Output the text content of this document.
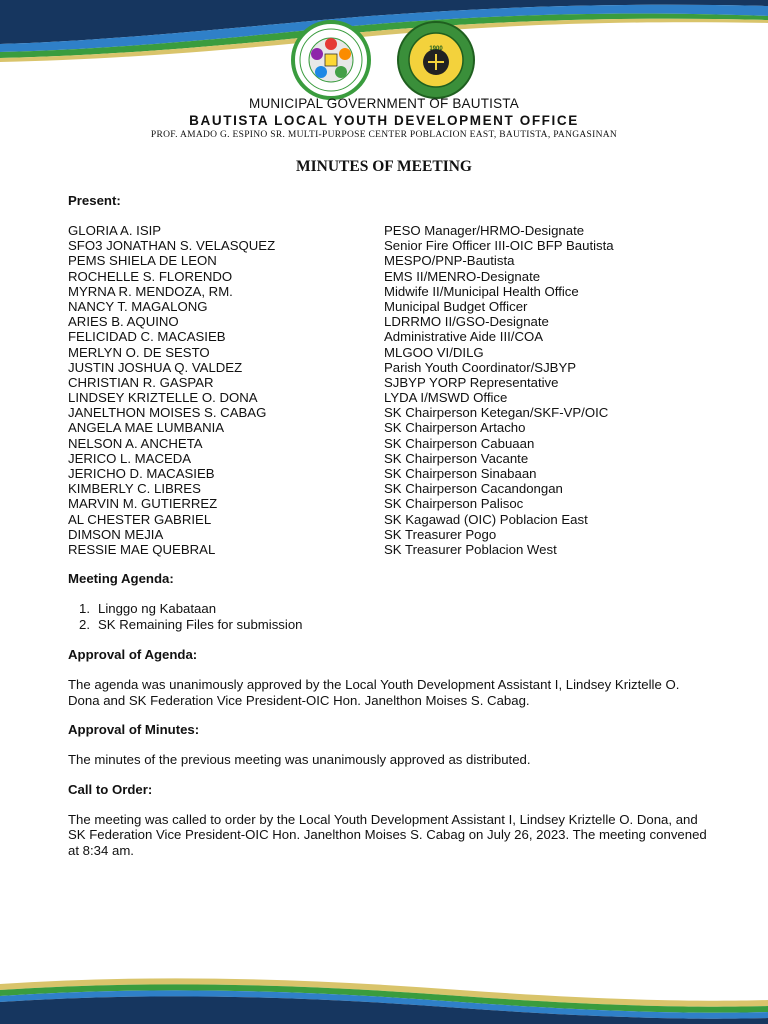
1900
MUNICIPAL GOVERNMENT OF BAUTISTA
BAUTISTA LOCAL YOUTH DEVELOPMENT OFFICE
PROF. AMADO G. ESPINO SR. MULTI-PURPOSE CENTER POBLACION EAST, BAUTISTA, PANGASINAN
MINUTES OF MEETING

Present:

GLORIA A. ISIP	PESO Manager/HRMO-Designate
SFO3 JONATHAN S. VELASQUEZ	Senior Fire Officer III-OIC BFP Bautista
PEMS SHIELA DE LEON	MESPO/PNP-Bautista
ROCHELLE S. FLORENDO	EMS II/MENRO-Designate
MYRNA R. MENDOZA, RM.	Midwife II/Municipal Health Office
NANCY T. MAGALONG	Municipal Budget Officer
ARIES B. AQUINO	LDRRMO II/GSO-Designate
FELICIDAD C. MACASIEB	Administrative Aide III/COA
MERLYN O. DE SESTO	MLGOO VI/DILG
JUSTIN JOSHUA Q. VALDEZ	Parish Youth Coordinator/SJBYP
CHRISTIAN R. GASPAR	SJBYP YORP Representative
LINDSEY KRIZTELLE O. DONA	LYDA I/MSWD Office
JANELTHON MOISES S. CABAG	SK Chairperson Ketegan/SKF-VP/OIC
ANGELA MAE LUMBANIA	SK Chairperson Artacho
NELSON A. ANCHETA	SK Chairperson Cabuaan
JERICO L. MACEDA	SK Chairperson Vacante
JERICHO D. MACASIEB	SK Chairperson Sinabaan
KIMBERLY C. LIBRES	SK Chairperson Cacandongan
MARVIN M. GUTIERREZ	SK Chairperson Palisoc
AL CHESTER GABRIEL	SK Kagawad (OIC) Poblacion East
DIMSON MEJIA	SK Treasurer Pogo
RESSIE MAE QUEBRAL	SK Treasurer Poblacion West

Meeting Agenda:

1. Linggo ng Kabataan
2. SK Remaining Files for submission

Approval of Agenda:

The agenda was unanimously approved by the Local Youth Development Assistant I, Lindsey Kriztelle O. Dona and SK Federation Vice President-OIC Hon. Janelthon Moises S. Cabag.

Approval of Minutes:

The minutes of the previous meeting was unanimously approved as distributed.

Call to Order:

The meeting was called to order by the Local Youth Development Assistant I, Lindsey Kriztelle O. Dona, and SK Federation Vice President-OIC Hon. Janelthon Moises S. Cabag on July 26, 2023. The meeting convened at 8:34 am.
